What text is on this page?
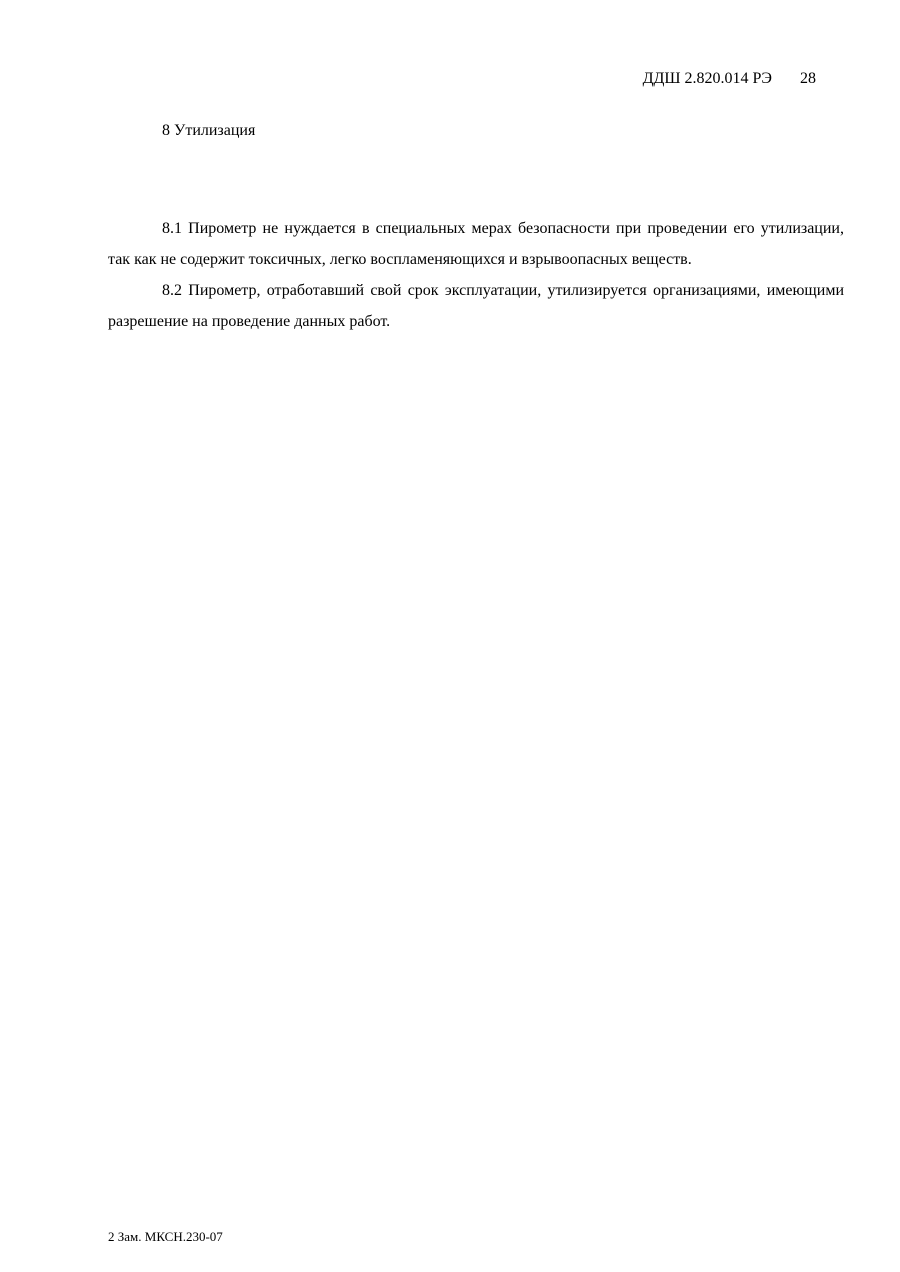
ДДШ 2.820.014 РЭ 28
8 Утилизация

8.1 Пирометр не нуждается в специальных мерах безопасности при проведении его утилизации, так как не содержит токсичных, легко воспламеняющихся и взрывоопасных веществ.

8.2 Пирометр, отработавший свой срок эксплуатации, утилизируется организациями, имеющими разрешение на проведение данных работ.

2 Зам. МКСН.230-07
